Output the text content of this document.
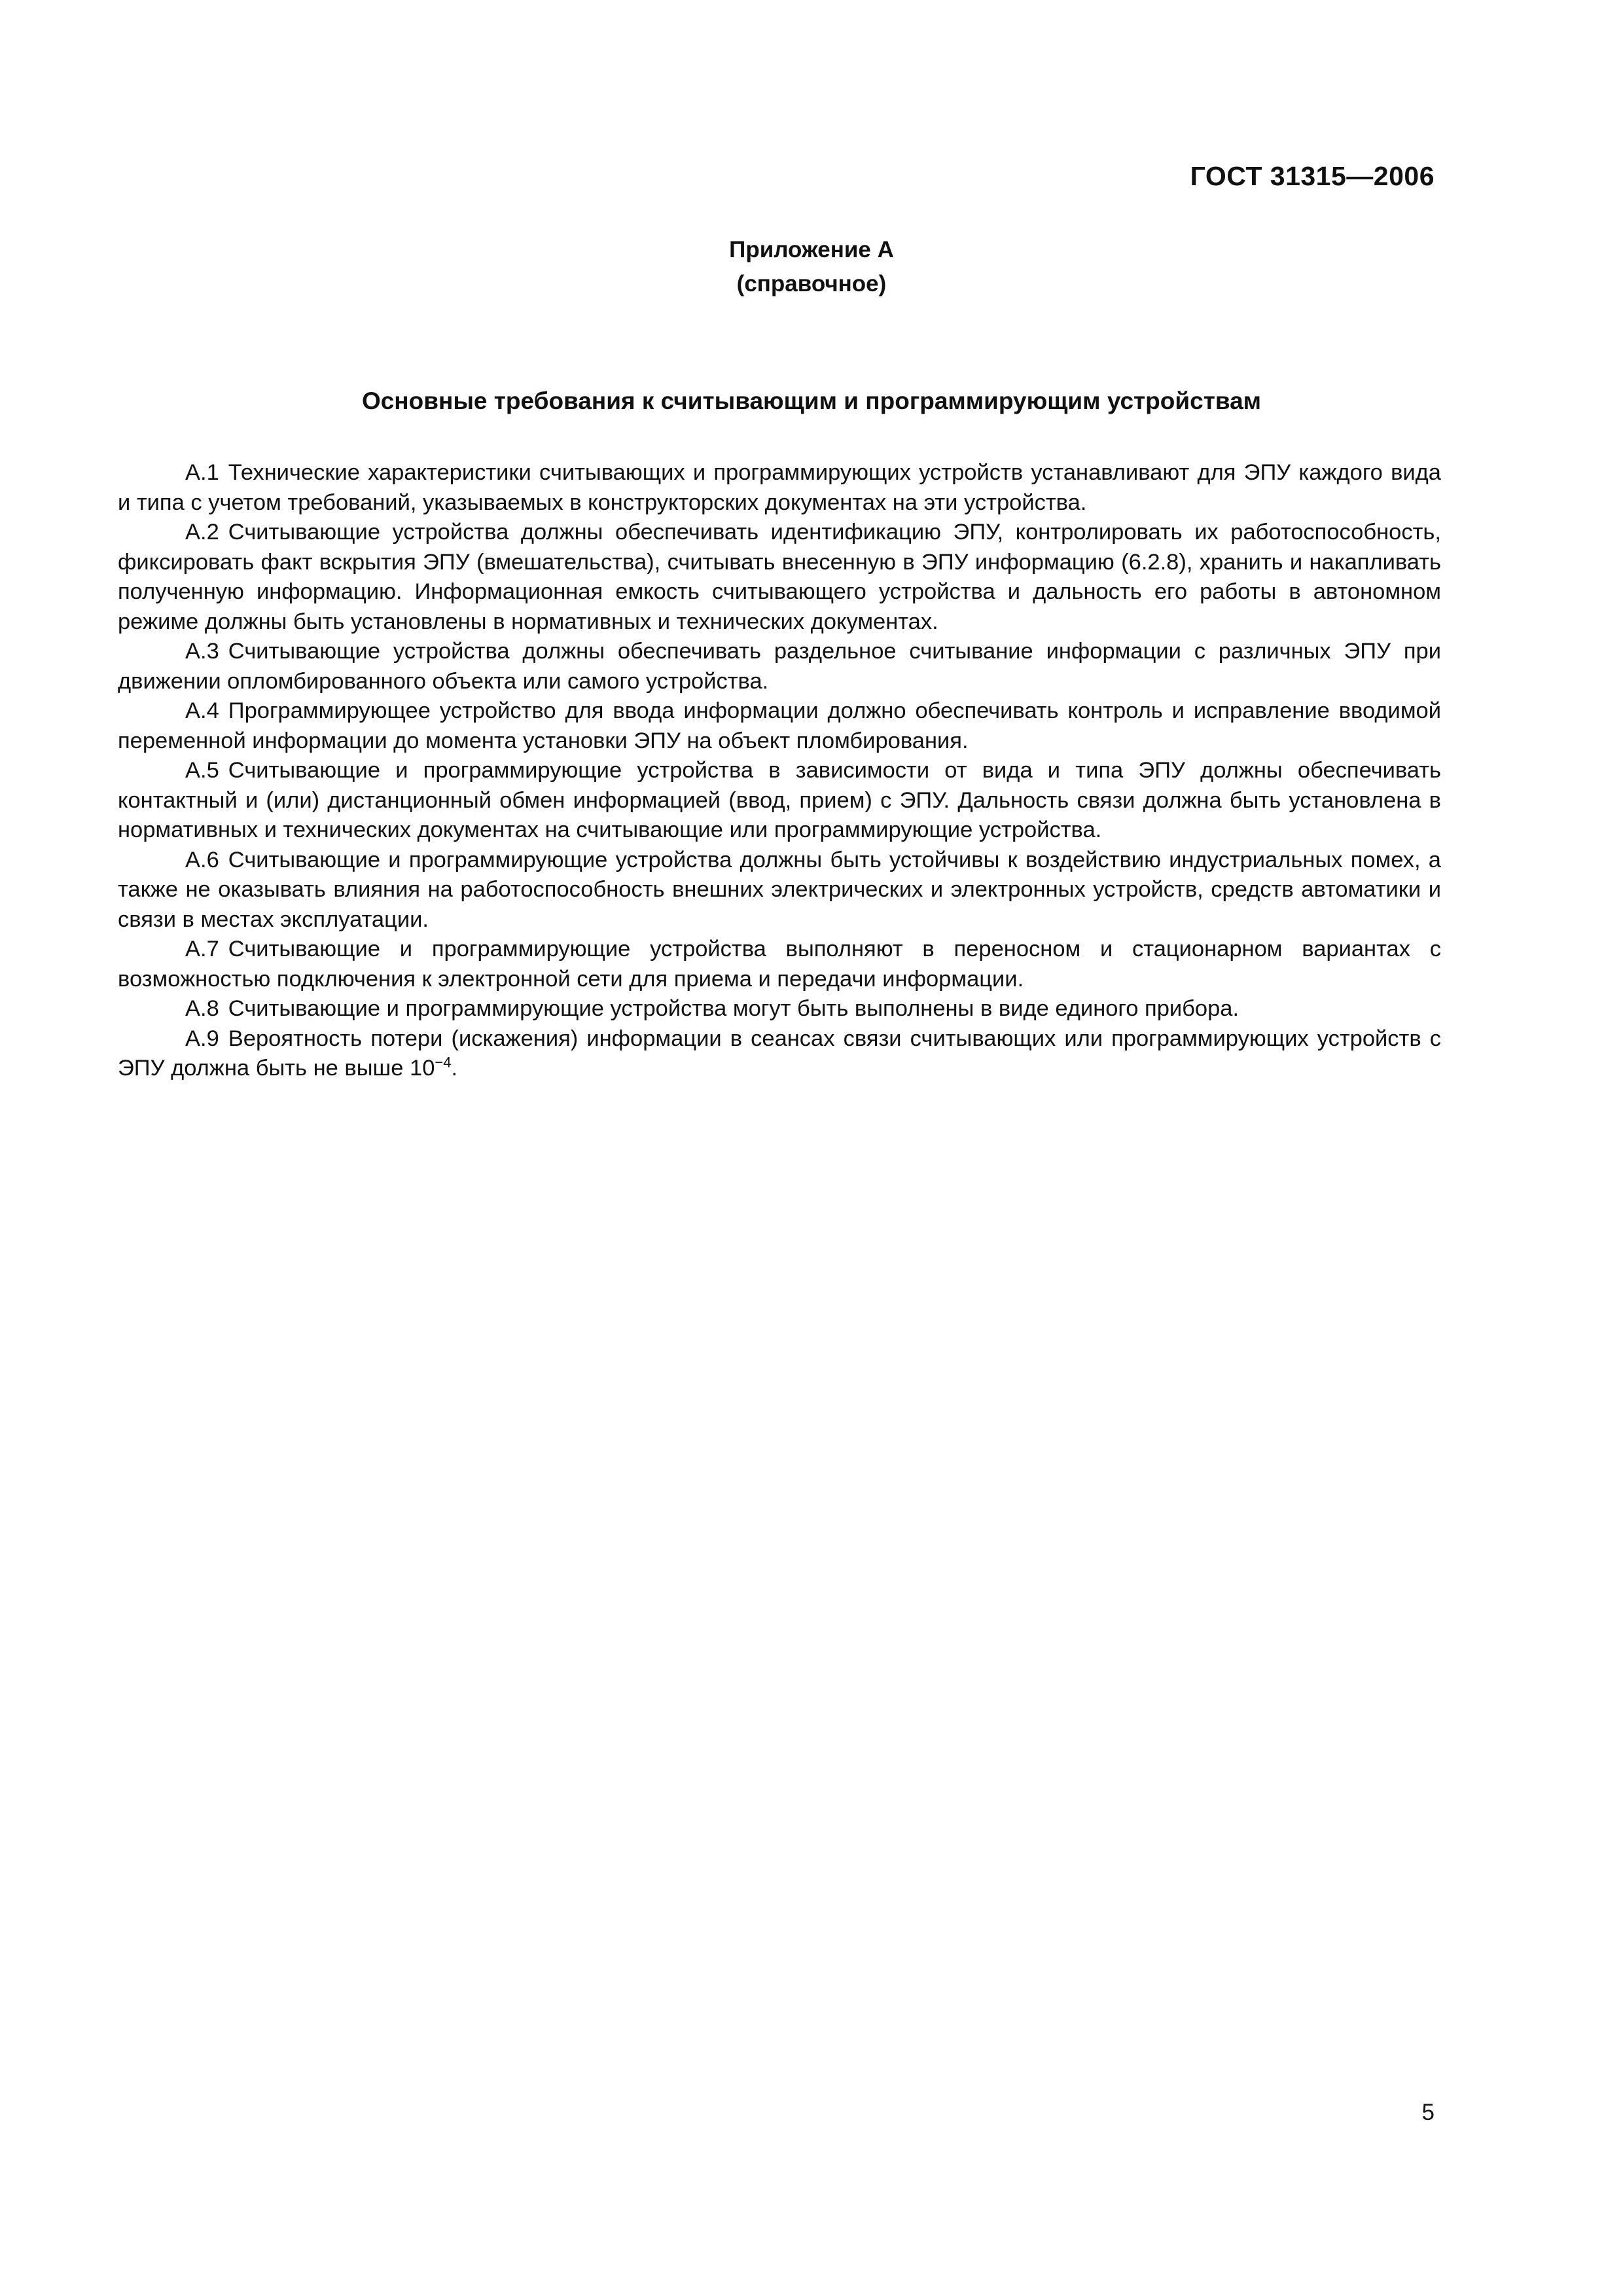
ГОСТ 31315—2006
Приложение А
(справочное)
Основные требования к считывающим и программирующим устройствам

А.1 Технические характеристики считывающих и программирующих устройств устанавливают для ЭПУ каждого вида и типа с учетом требований, указываемых в конструкторских документах на эти устройства.

А.2 Считывающие устройства должны обеспечивать идентификацию ЭПУ, контролировать их работоспособность, фиксировать факт вскрытия ЭПУ (вмешательства), считывать внесенную в ЭПУ информацию (6.2.8), хранить и накапливать полученную информацию. Информационная емкость считывающего устройства и дальность его работы в автономном режиме должны быть установлены в нормативных и технических документах.

А.3 Считывающие устройства должны обеспечивать раздельное считывание информации с различных ЭПУ при движении опломбированного объекта или самого устройства.

А.4 Программирующее устройство для ввода информации должно обеспечивать контроль и исправление вводимой переменной информации до момента установки ЭПУ на объект пломбирования.

А.5 Считывающие и программирующие устройства в зависимости от вида и типа ЭПУ должны обеспечивать контактный и (или) дистанционный обмен информацией (ввод, прием) с ЭПУ. Дальность связи должна быть установлена в нормативных и технических документах на считывающие или программирующие устройства.

А.6 Считывающие и программирующие устройства должны быть устойчивы к воздействию индустриальных помех, а также не оказывать влияния на работоспособность внешних электрических и электронных устройств, средств автоматики и связи в местах эксплуатации.

А.7 Считывающие и программирующие устройства выполняют в переносном и стационарном вариантах с возможностью подключения к электронной сети для приема и передачи информации.

А.8 Считывающие и программирующие устройства могут быть выполнены в виде единого прибора.

А.9 Вероятность потери (искажения) информации в сеансах связи считывающих или программирующих устройств с ЭПУ должна быть не выше $10^{-4}$.

5
